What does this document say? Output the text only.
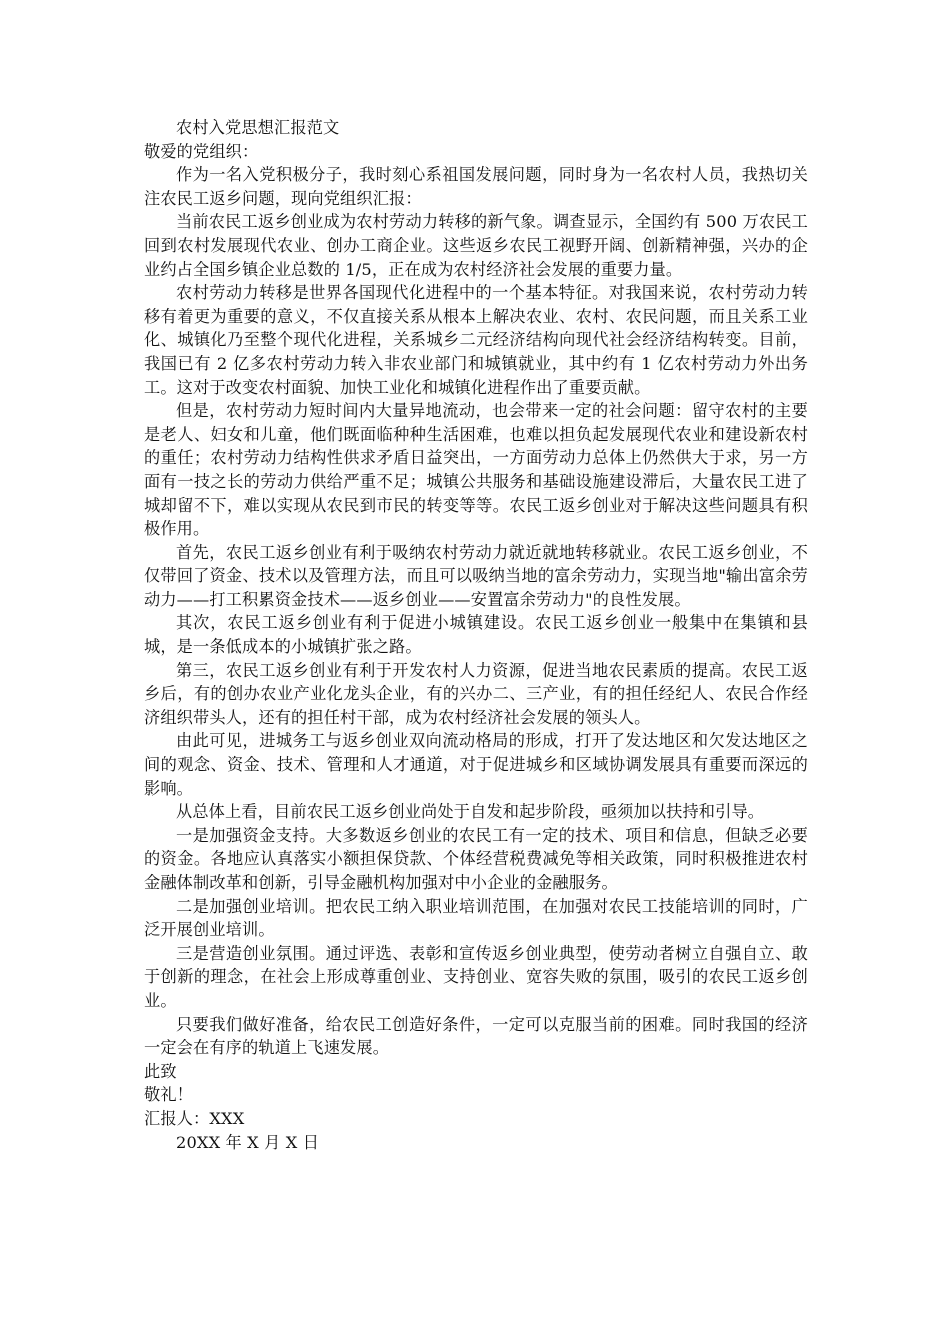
农村入党思想汇报范文

敬爱的党组织：

作为一名入党积极分子，我时刻心系祖国发展问题，同时身为一名农村人员，我热切关注农民工返乡问题，现向党组织汇报：

当前农民工返乡创业成为农村劳动力转移的新气象。调查显示，全国约有 500 万农民工回到农村发展现代农业、创办工商企业。这些返乡农民工视野开阔、创新精神强，兴办的企业约占全国乡镇企业总数的 1/5，正在成为农村经济社会发展的重要力量。

农村劳动力转移是世界各国现代化进程中的一个基本特征。对我国来说，农村劳动力转移有着更为重要的意义，不仅直接关系从根本上解决农业、农村、农民问题，而且关系工业化、城镇化乃至整个现代化进程，关系城乡二元经济结构向现代社会经济结构转变。目前，我国已有 2 亿多农村劳动力转入非农业部门和城镇就业，其中约有 1 亿农村劳动力外出务工。这对于改变农村面貌、加快工业化和城镇化进程作出了重要贡献。

但是，农村劳动力短时间内大量异地流动，也会带来一定的社会问题：留守农村的主要是老人、妇女和儿童，他们既面临种种生活困难，也难以担负起发展现代农业和建设新农村的重任；农村劳动力结构性供求矛盾日益突出，一方面劳动力总体上仍然供大于求，另一方面有一技之长的劳动力供给严重不足；城镇公共服务和基础设施建设滞后，大量农民工进了城却留不下，难以实现从农民到市民的转变等等。农民工返乡创业对于解决这些问题具有积极作用。

首先，农民工返乡创业有利于吸纳农村劳动力就近就地转移就业。农民工返乡创业，不仅带回了资金、技术以及管理方法，而且可以吸纳当地的富余劳动力，实现当地"输出富余劳动力——打工积累资金技术——返乡创业——安置富余劳动力"的良性发展。

其次，农民工返乡创业有利于促进小城镇建设。农民工返乡创业一般集中在集镇和县城，是一条低成本的小城镇扩张之路。

第三，农民工返乡创业有利于开发农村人力资源，促进当地农民素质的提高。农民工返乡后，有的创办农业产业化龙头企业，有的兴办二、三产业，有的担任经纪人、农民合作经济组织带头人，还有的担任村干部，成为农村经济社会发展的领头人。

由此可见，进城务工与返乡创业双向流动格局的形成，打开了发达地区和欠发达地区之间的观念、资金、技术、管理和人才通道，对于促进城乡和区域协调发展具有重要而深远的影响。

从总体上看，目前农民工返乡创业尚处于自发和起步阶段，亟须加以扶持和引导。

一是加强资金支持。大多数返乡创业的农民工有一定的技术、项目和信息，但缺乏必要的资金。各地应认真落实小额担保贷款、个体经营税费减免等相关政策，同时积极推进农村金融体制改革和创新，引导金融机构加强对中小企业的金融服务。

二是加强创业培训。把农民工纳入职业培训范围，在加强对农民工技能培训的同时，广泛开展创业培训。

三是营造创业氛围。通过评选、表彰和宣传返乡创业典型，使劳动者树立自强自立、敢于创新的理念，在社会上形成尊重创业、支持创业、宽容失败的氛围，吸引的农民工返乡创业。

只要我们做好准备，给农民工创造好条件，一定可以克服当前的困难。同时我国的经济一定会在有序的轨道上飞速发展。

此致

敬礼！

汇报人：XXX

20XX 年 X 月 X 日
